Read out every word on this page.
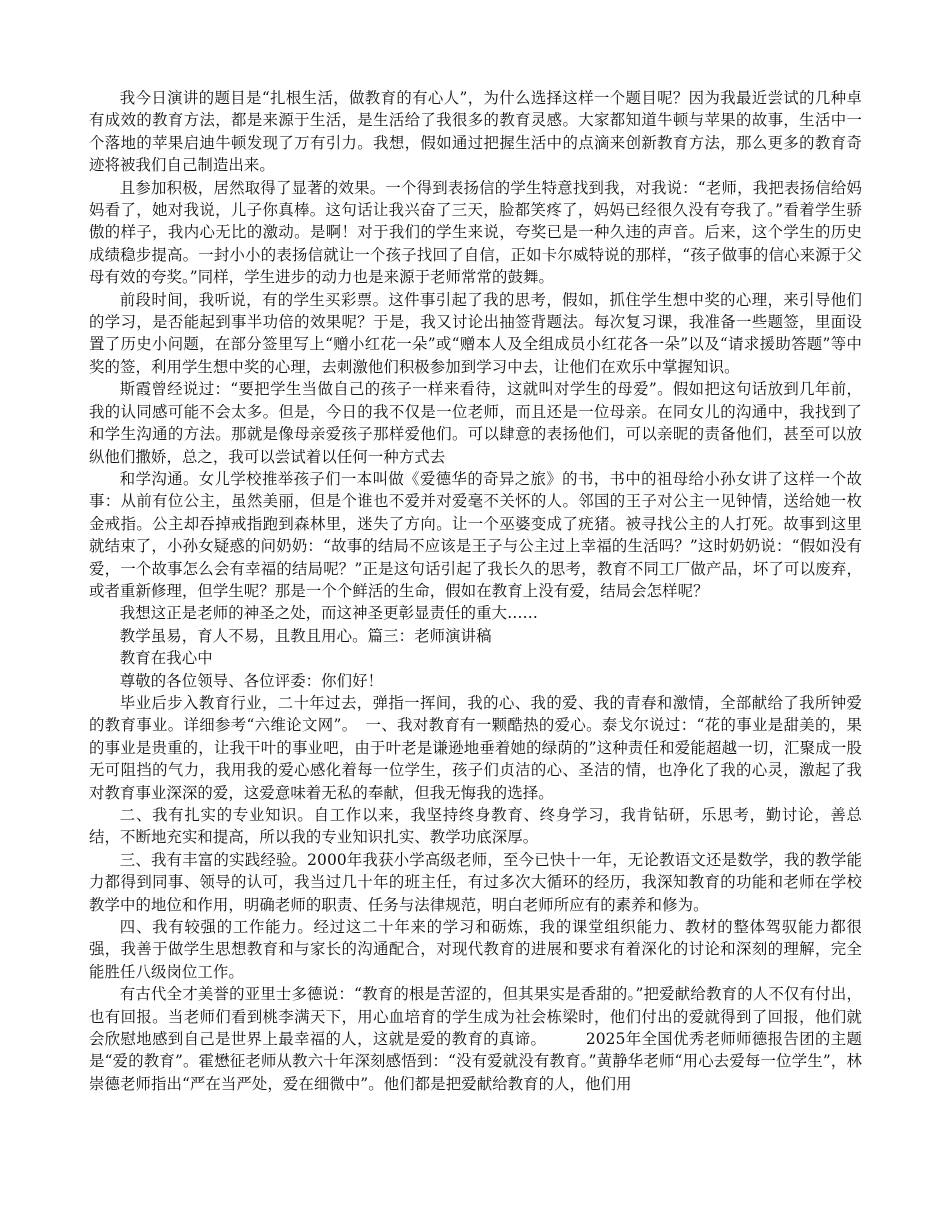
我今日演讲的题目是“扎根生活，做教育的有心人”，为什么选择这样一个题目呢？因为我最近尝试的几种卓有成效的教育方法，都是来源于生活，是生活给了我很多的教育灵感。大家都知道牛顿与苹果的故事，生活中一个落地的苹果启迪牛顿发现了万有引力。我想，假如通过把握生活中的点滴来创新教育方法，那么更多的教育奇迹将被我们自己制造出来。

且参加积极，居然取得了显著的效果。一个得到表扬信的学生特意找到我，对我说：“老师，我把表扬信给妈妈看了，她对我说，儿子你真棒。这句话让我兴奋了三天，脸都笑疼了，妈妈已经很久没有夸我了。”看着学生骄傲的样子，我内心无比的激动。是啊！对于我们的学生来说，夸奖已是一种久违的声音。后来，这个学生的历史成绩稳步提高。一封小小的表扬信就让一个孩子找回了自信，正如卡尔威特说的那样，“孩子做事的信心来源于父母有效的夸奖。”同样，学生进步的动力也是来源于老师常常的鼓舞。

前段时间，我听说，有的学生买彩票。这件事引起了我的思考，假如，抓住学生想中奖的心理，来引导他们的学习，是否能起到事半功倍的效果呢？于是，我又讨论出抽签背题法。每次复习课，我准备一些题签，里面设置了历史小问题，在部分签里写上“赠小红花一朵”或“赠本人及全组成员小红花各一朵”以及“请求援助答题”等中奖的签，利用学生想中奖的心理，去刺激他们积极参加到学习中去，让他们在欢乐中掌握知识。

斯霞曾经说过：“要把学生当做自己的孩子一样来看待，这就叫对学生的母爱”。假如把这句话放到几年前，我的认同感可能不会太多。但是，今日的我不仅是一位老师，而且还是一位母亲。在同女儿的沟通中，我找到了和学生沟通的方法。那就是像母亲爱孩子那样爱他们。可以肆意的表扬他们，可以亲昵的责备他们，甚至可以放纵他们撒娇，总之，我可以尝试着以任何一种方式去

和学沟通。女儿学校推举孩子们一本叫做《爱德华的奇异之旅》的书，书中的祖母给小孙女讲了这样一个故事：从前有位公主，虽然美丽，但是个谁也不爱并对爱毫不关怀的人。邻国的王子对公主一见钟情，送给她一枚金戒指。公主却吞掉戒指跑到森林里，迷失了方向。让一个巫婆变成了疣猪。被寻找公主的人打死。故事到这里就结束了，小孙女疑惑的问奶奶：“故事的结局不应该是王子与公主过上幸福的生活吗？”这时奶奶说：“假如没有爱，一个故事怎么会有幸福的结局呢？”正是这句话引起了我长久的思考，教育不同工厂做产品，坏了可以废弃，或者重新修理，但学生呢？那是一个个鲜活的生命，假如在教育上没有爱，结局会怎样呢？

我想这正是老师的神圣之处，而这神圣更彰显责任的重大……

教学虽易，育人不易，且教且用心。篇三：老师演讲稿

教育在我心中

尊敬的各位领导、各位评委：你们好！

毕业后步入教育行业，二十年过去，弹指一挥间，我的心、我的爱、我的青春和激情，全部献给了我所钟爱的教育事业。详细参考“六维论文网”。　一、我对教育有一颗酷热的爱心。泰戈尔说过：“花的事业是甜美的，果的事业是贵重的，让我干叶的事业吧，由于叶老是谦逊地垂着她的绿荫的”这种责任和爱能超越一切，汇聚成一股无可阻挡的气力，我用我的爱心感化着每一位学生，孩子们贞洁的心、圣洁的情，也净化了我的心灵，激起了我对教育事业深深的爱，这爱意味着无私的奉献，但我无悔我的选择。

二、我有扎实的专业知识。自工作以来，我坚持终身教育、终身学习，我肯钻研，乐思考，勤讨论，善总结，不断地充实和提高，所以我的专业知识扎实、教学功底深厚。

三、我有丰富的实践经验。2000年我获小学高级老师，至今已快十一年，无论教语文还是数学，我的教学能力都得到同事、领导的认可，我当过几十年的班主任，有过多次大循环的经历，我深知教育的功能和老师在学校教学中的地位和作用，明确老师的职责、任务与法律规范，明白老师所应有的素养和修为。

四、我有较强的工作能力。经过这二十年来的学习和砺炼，我的课堂组织能力、教材的整体驾驭能力都很强，我善于做学生思想教育和与家长的沟通配合，对现代教育的进展和要求有着深化的讨论和深刻的理解，完全能胜任八级岗位工作。

有古代全才美誉的亚里士多德说：“教育的根是苦涩的，但其果实是香甜的。”把爱献给教育的人不仅有付出，也有回报。当老师们看到桃李满天下，用心血培育的学生成为社会栋梁时，他们付出的爱就得到了回报，他们就会欣慰地感到自己是世界上最幸福的人，这就是爱的教育的真谛。　　　2025年全国优秀老师师德报告团的主题是“爱的教育”。霍懋征老师从教六十年深刻感悟到：“没有爱就没有教育。”黄静华老师“用心去爱每一位学生”，林崇德老师指出“严在当严处，爱在细微中”。他们都是把爱献给教育的人，他们用
